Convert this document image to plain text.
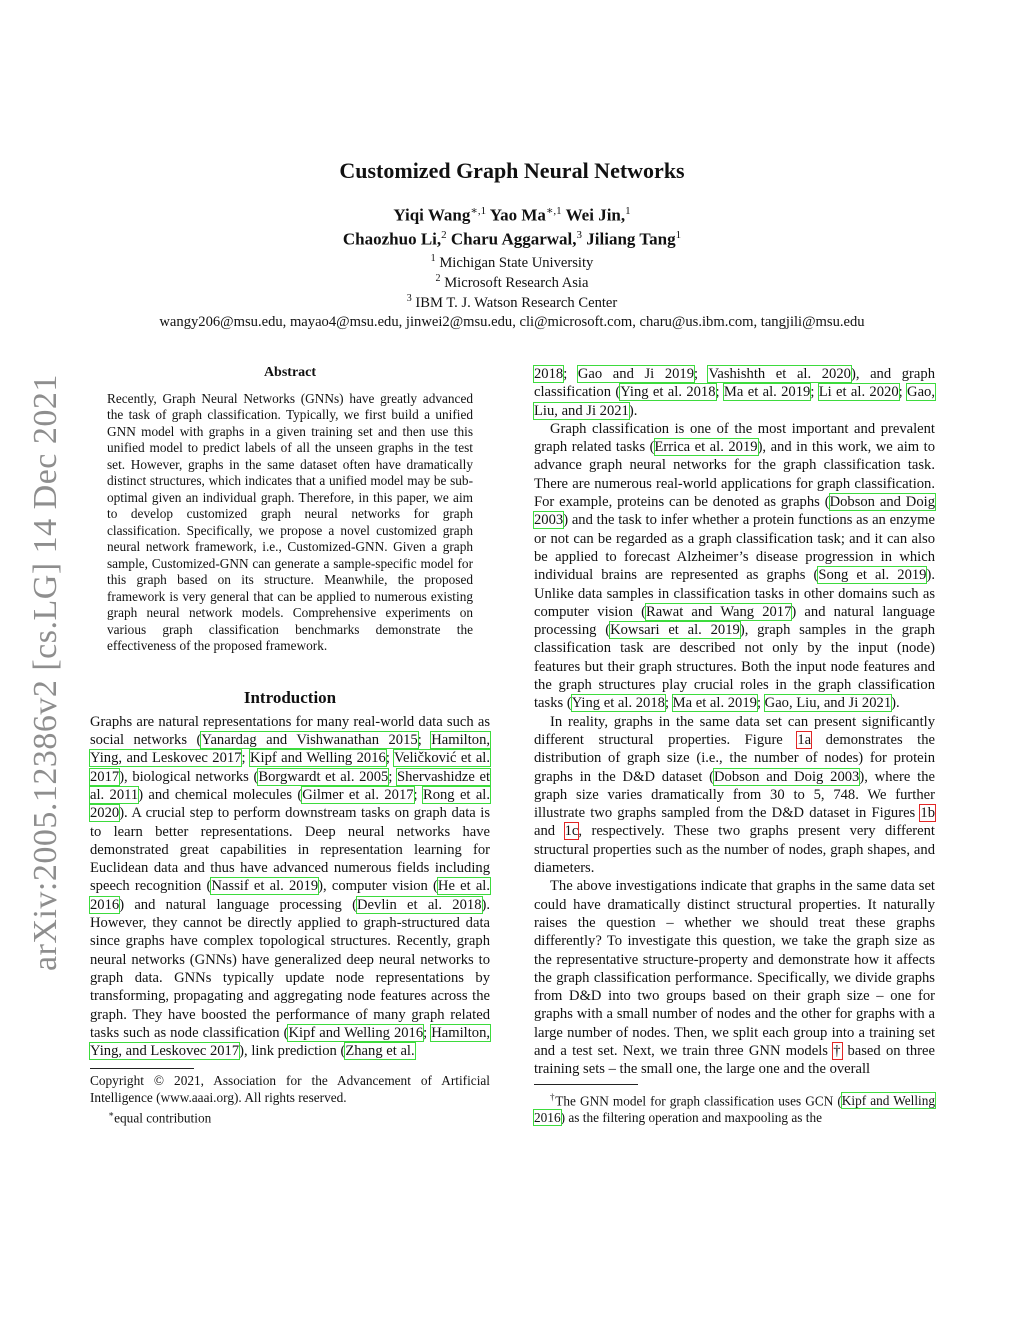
arXiv:2005.12386v2 [cs.LG] 14 Dec 2021
Customized Graph Neural Networks
Yiqi Wang$^{∗,1}$ Yao $Ma^{∗,1}$ Wei Jin,$^1$
Chaozhuo Li,$^2$ Charu Aggarwal,$^3$ Jiliang Tang$^1$
$^1$ Michigan State University
$^2$ Microsoft Research Asia
$^3$ IBM T. J. Watson Research Center
wangy206@msu.edu, mayao4@msu.edu, jinwei2@msu.edu, cli@microsoft.com, charu@us.ibm.com, tangjili@msu.edu
Abstract

Recently, Graph Neural Networks (GNNs) have greatly advanced the task of graph classification. Typically, we first build a unified GNN model with graphs in a given training set and then use this unified model to predict labels of all the unseen graphs in the test set. However, graphs in the same dataset often have dramatically distinct structures, which indicates that a unified model may be sub-optimal given an individual graph. Therefore, in this paper, we aim to develop customized graph neural networks for graph classification. Specifically, we propose a novel customized graph neural network framework, i.e., Customized-GNN. Given a graph sample, Customized-GNN can generate a sample-specific model for this graph based on its structure. Meanwhile, the proposed framework is very general that can be applied to numerous existing graph neural network models. Comprehensive experiments on various graph classification benchmarks demonstrate the effectiveness of the proposed framework.

Introduction

Graphs are natural representations for many real-world data such as social networks (Yanardag and Vishwanathan 2015; Hamilton, Ying, and Leskovec 2017; Kipf and Welling 2016; Veličković et al. 2017), biological networks (Borgwardt et al. 2005; Shervashidze et al. 2011) and chemical molecules (Gilmer et al. 2017; Rong et al. 2020). A crucial step to perform downstream tasks on graph data is to learn better representations. Deep neural networks have demonstrated great capabilities in representation learning for Euclidean data and thus have advanced numerous fields including speech recognition (Nassif et al. 2019), computer vision (He et al. 2016) and natural language processing (Devlin et al. 2018). However, they cannot be directly applied to graph-structured data since graphs have complex topological structures. Recently, graph neural networks (GNNs) have generalized deep neural networks to graph data. GNNs typically update node representations by transforming, propagating and aggregating node features across the graph. They have boosted the performance of many graph related tasks such as node classification (Kipf and Welling 2016; Hamilton, Ying, and Leskovec 2017), link prediction (Zhang et al.

Copyright © 2021, Association for the Advancement of Artificial Intelligence (www.aaai.org). All rights reserved.
∗equal contribution

2018; Gao and Ji 2019; Vashishth et al. 2020), and graph classification (Ying et al. 2018; Ma et al. 2019; Li et al. 2020; Gao, Liu, and Ji 2021).

Graph classification is one of the most important and prevalent graph related tasks (Errica et al. 2019), and in this work, we aim to advance graph neural networks for the graph classification task. There are numerous real-world applications for graph classification. For example, proteins can be denoted as graphs (Dobson and Doig 2003) and the task to infer whether a protein functions as an enzyme or not can be regarded as a graph classification task; and it can also be applied to forecast Alzheimer’s disease progression in which individual brains are represented as graphs (Song et al. 2019). Unlike data samples in classification tasks in other domains such as computer vision (Rawat and Wang 2017) and natural language processing (Kowsari et al. 2019), graph samples in the graph classification task are described not only by the input (node) features but their graph structures. Both the input node features and the graph structures play crucial roles in the graph classification tasks (Ying et al. 2018; Ma et al. 2019; Gao, Liu, and Ji 2021).

In reality, graphs in the same data set can present significantly different structural properties. Figure 1a demonstrates the distribution of graph size (i.e., the number of nodes) for protein graphs in the D&D dataset (Dobson and Doig 2003), where the graph size varies dramatically from 30 to 5, 748. We further illustrate two graphs sampled from the D&D dataset in Figures 1b and 1c, respectively. These two graphs present very different structural properties such as the number of nodes, graph shapes, and diameters.

The above investigations indicate that graphs in the same data set could have dramatically distinct structural properties. It naturally raises the question – whether we should treat these graphs differently? To investigate this question, we take the graph size as the representative structure-property and demonstrate how it affects the graph classification performance. Specifically, we divide graphs from D&D into two groups based on their graph size – one for graphs with a small number of nodes and the other for graphs with a large number of nodes. Then, we split each group into a training set and a test set. Next, we train three GNN models † based on three training sets – the small one, the large one and the overall

†The GNN model for graph classification uses GCN (Kipf and Welling 2016) as the filtering operation and maxpooling as the
